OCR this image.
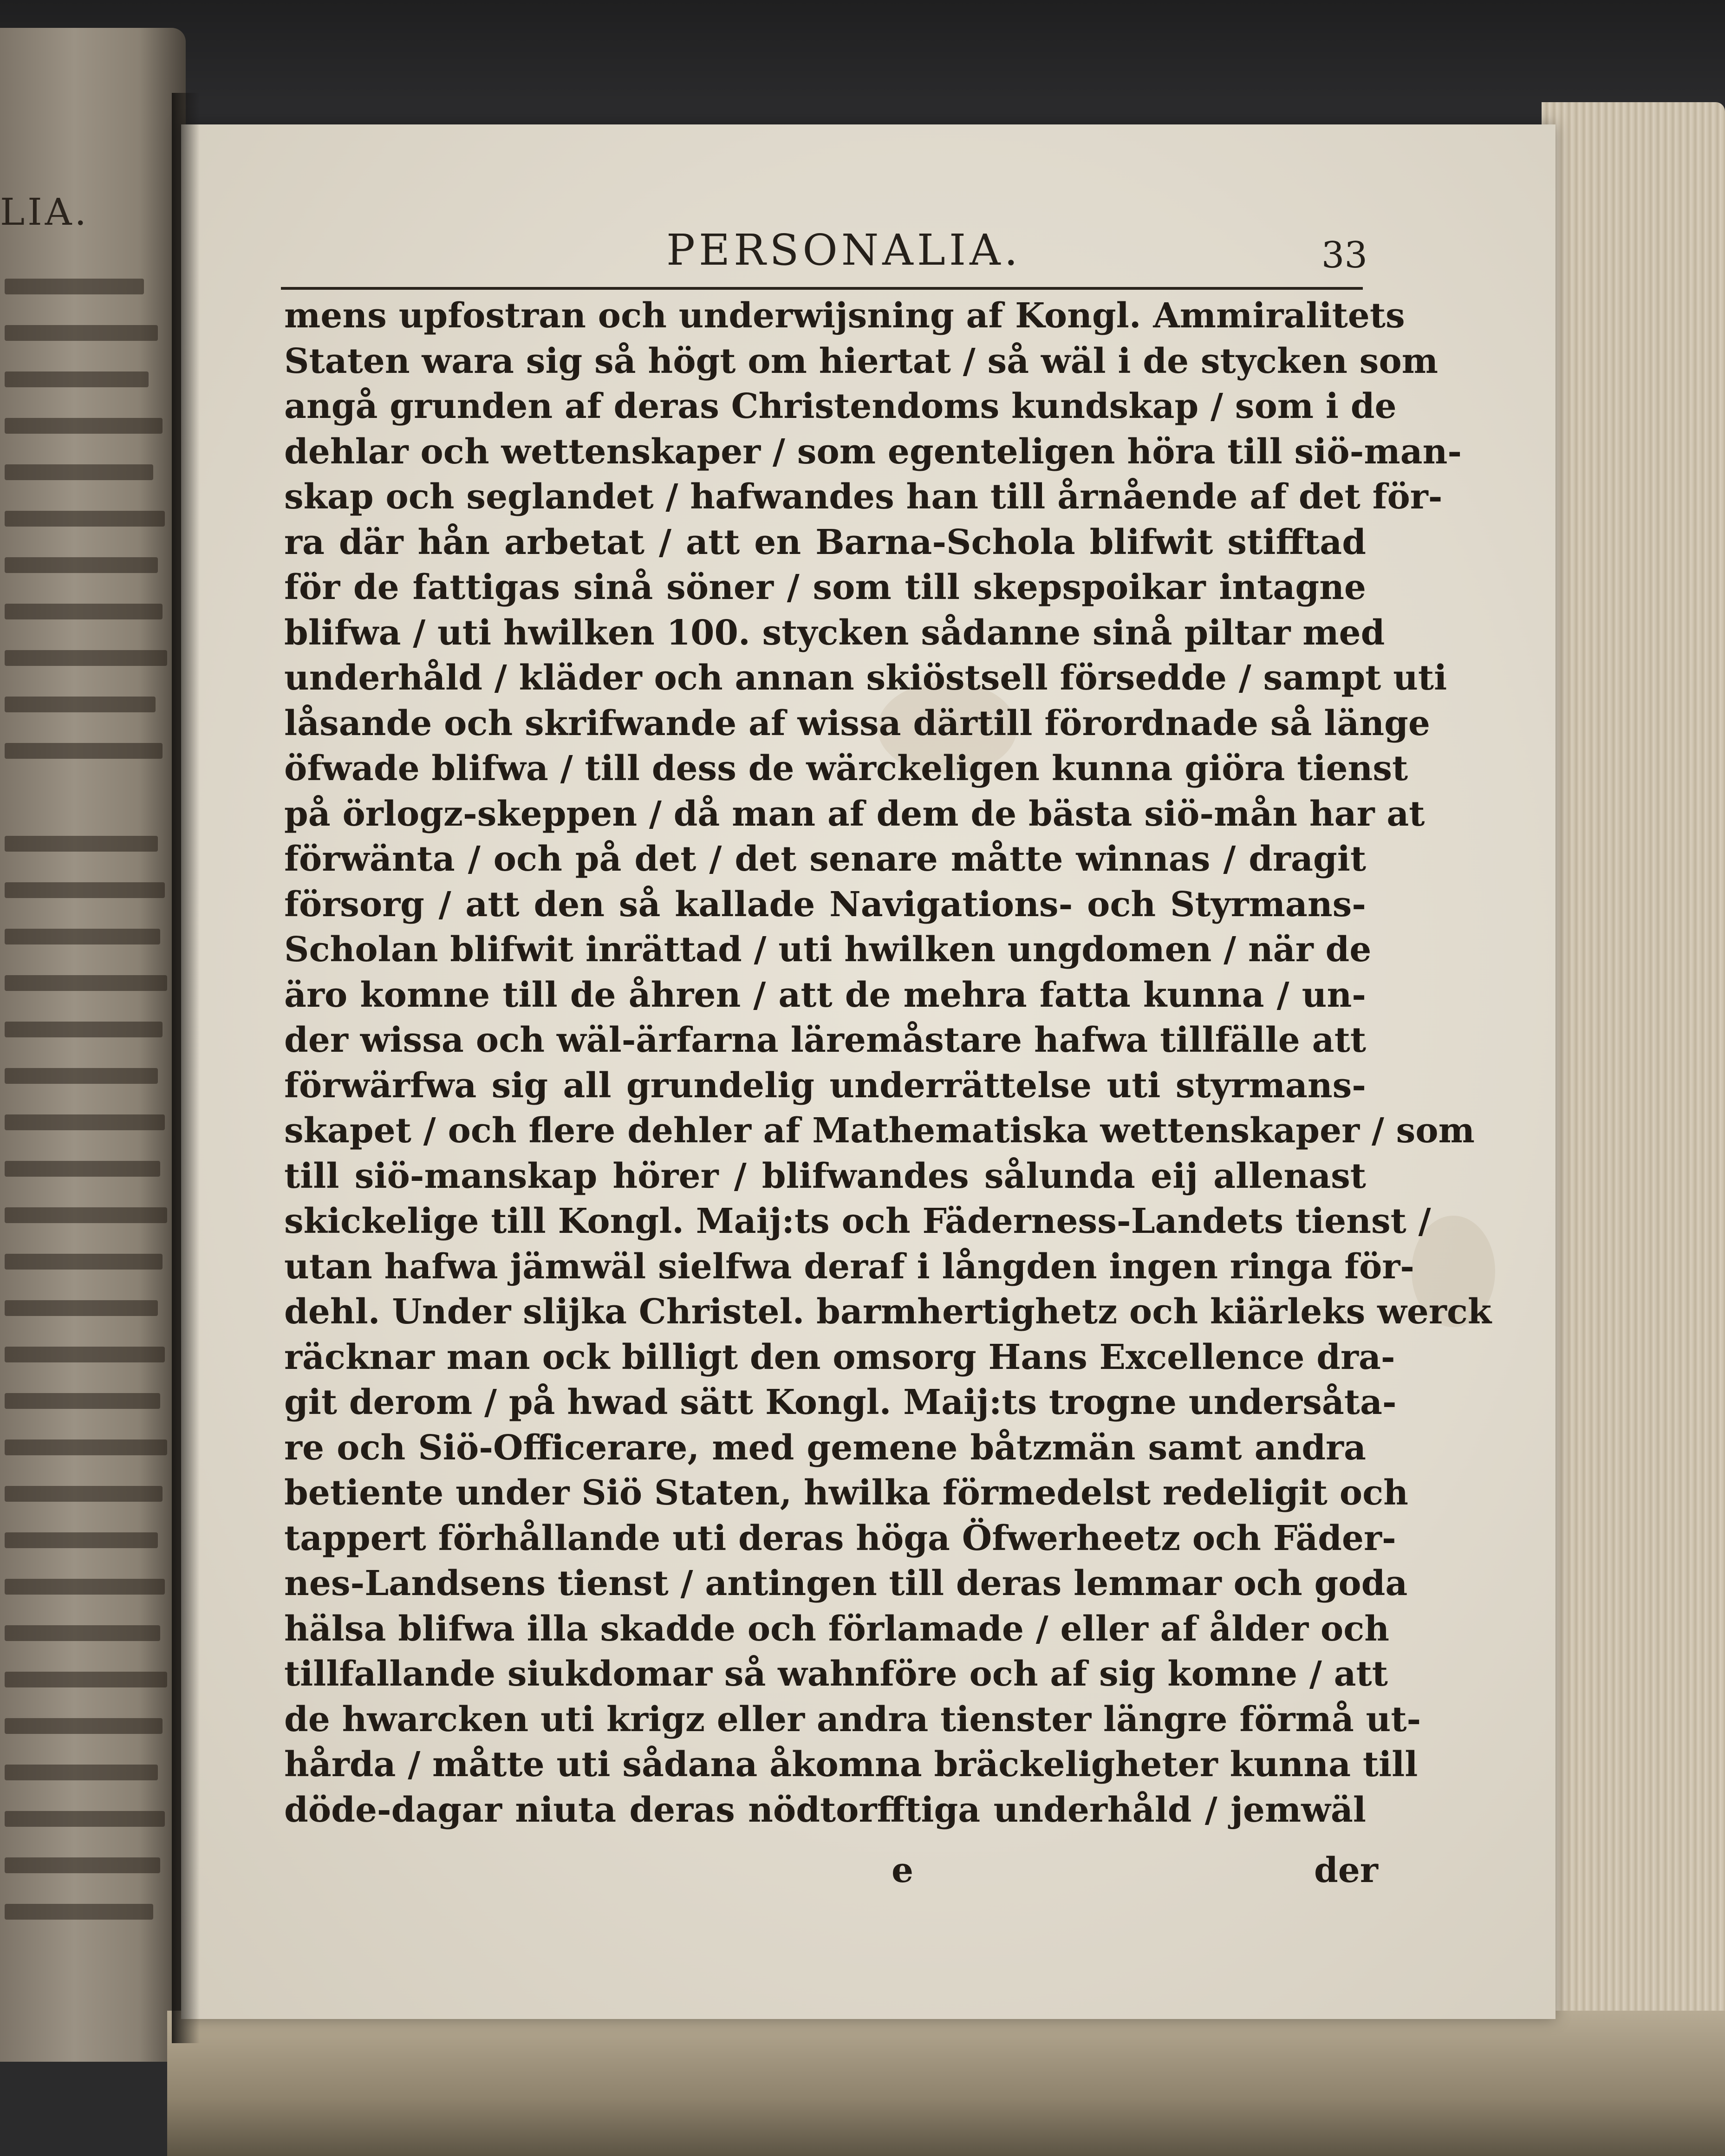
LIA.
PERSONALIA.	33
mens upfostran och underwijsning af Kongl. Ammiralitets
Staten wara sig så högt om hiertat / så wäl i de stycken som
angå grunden af deras Christendoms kundskap / som i de
dehlar och wettenskaper / som egenteligen höra till siö-man-
skap och seglandet / hafwandes han till årnående af det för-
ra där hån arbetat / att en Barna-Schola blifwit stifftad
för de fattigas sinå söner / som till skepspoikar intagne
blifwa / uti hwilken 100. stycken sådanne sinå piltar med
underhåld / kläder och annan skiöstsell försedde / sampt uti
låsande och skrifwande af wissa därtill förordnade så länge
öfwade blifwa / till dess de wärckeligen kunna giöra tienst
på örlogz-skeppen / då man af dem de bästa siö-mån har at
förwänta / och på det / det senare måtte winnas / dragit
försorg / att den så kallade Navigations- och Styrmans-
Scholan blifwit inrättad / uti hwilken ungdomen / när de
äro komne till de åhren / att de mehra fatta kunna / un-
der wissa och wäl-ärfarna läremåstare hafwa tillfälle att
förwärfwa sig all grundelig underrättelse uti styrmans-
skapet / och flere dehler af Mathematiska wettenskaper / som
till siö-manskap hörer / blifwandes sålunda eij allenast
skickelige till Kongl. Maij:ts och Fäderness-Landets tienst /
utan hafwa jämwäl sielfwa deraf i långden ingen ringa för-
dehl. Under slijka Christel. barmhertighetz och kiärleks werck
räcknar man ock billigt den omsorg Hans Excellence dra-
git derom / på hwad sätt Kongl. Maij:ts trogne undersåta-
re och Siö-Officerare, med gemene båtzmän samt andra
betiente under Siö Staten, hwilka förmedelst redeligit och
tappert förhållande uti deras höga Öfwerheetz och Fäder-
nes-Landsens tienst / antingen till deras lemmar och goda
hälsa blifwa illa skadde och förlamade / eller af ålder och
tillfallande siukdomar så wahnföre och af sig komne / att
de hwarcken uti krigz eller andra tienster längre förmå ut-
hårda / måtte uti sådana åkomna bräckeligheter kunna till
döde-dagar niuta deras nödtorfftiga underhåld / jemwäl
e	der
